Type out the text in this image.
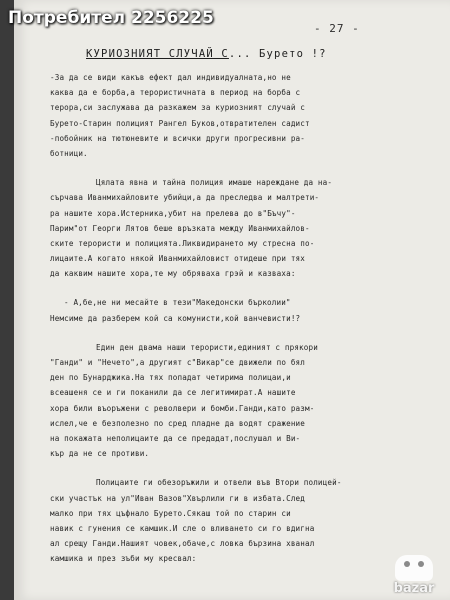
- 27 -
КУРИОЗНИЯТ СЛУЧАЙ С... Бурето !?
-За да се види какъв ефект дал индивидуалната,но не
каква да е борба,а терористичната в период на борба с
терора,си заслужава да разкажем за куриозният случай с
Бурето-Старин полицият Рангел Буков,отвратителен садист
-побойник на тютюневите и всички други прогресивни ра-
ботници.
Цялата явна и тайна полиция имаше нареждане да на-
сърчава Иванмихайловите убийци,а да преследва и малтрети-
ра нашите хора.Истерника,убит на прелева до в"Бъчу"-
Парим"от Георги Лятов беше връзката между Иванмихайлов-
ските терористи и полицията.Ликвидирането му стресна по-
лицаите.А когато някой Иванмихайловист отидеше при тях
да каквим нашите хора,те му обряваха грэй и казваха:
- А,бе,не ни месайте в тези"Македонски бърколии"
Немсиме да разберем кой са комунисти,кой ванчевисти!?
Един ден двама наши терористи,единият с прякори
"Ганди" и "Нечето",а другият с"Викар"се движели по бял
ден по Бунарджика.На тях попадат четирима полицаи,и
всеашеня се и ги поканили да се легитимират.А нашите
хора били въоръжени с револвери и бомби.Ганди,като разм-
ислел,че е безполезно по сред пладне да водят сражение
на покажата неполицаите да се предадат,послушал и Ви-
кър да не се противи.
Полицаите ги обезоръжили и отвели във Втори полицей-
ски участък на ул"Иван Вазов"Хвърлили ги в избата.След
малко при тях цъфнало Бурето.Сякаш той по старин си
навик с гунения се камшик.И сле о вливането си го вдигна
ал срещу Ганди.Нашият човек,обаче,с ловка бързина хванал
камшика и през зъби му кресвал:
Потребител 2256225
bazar
